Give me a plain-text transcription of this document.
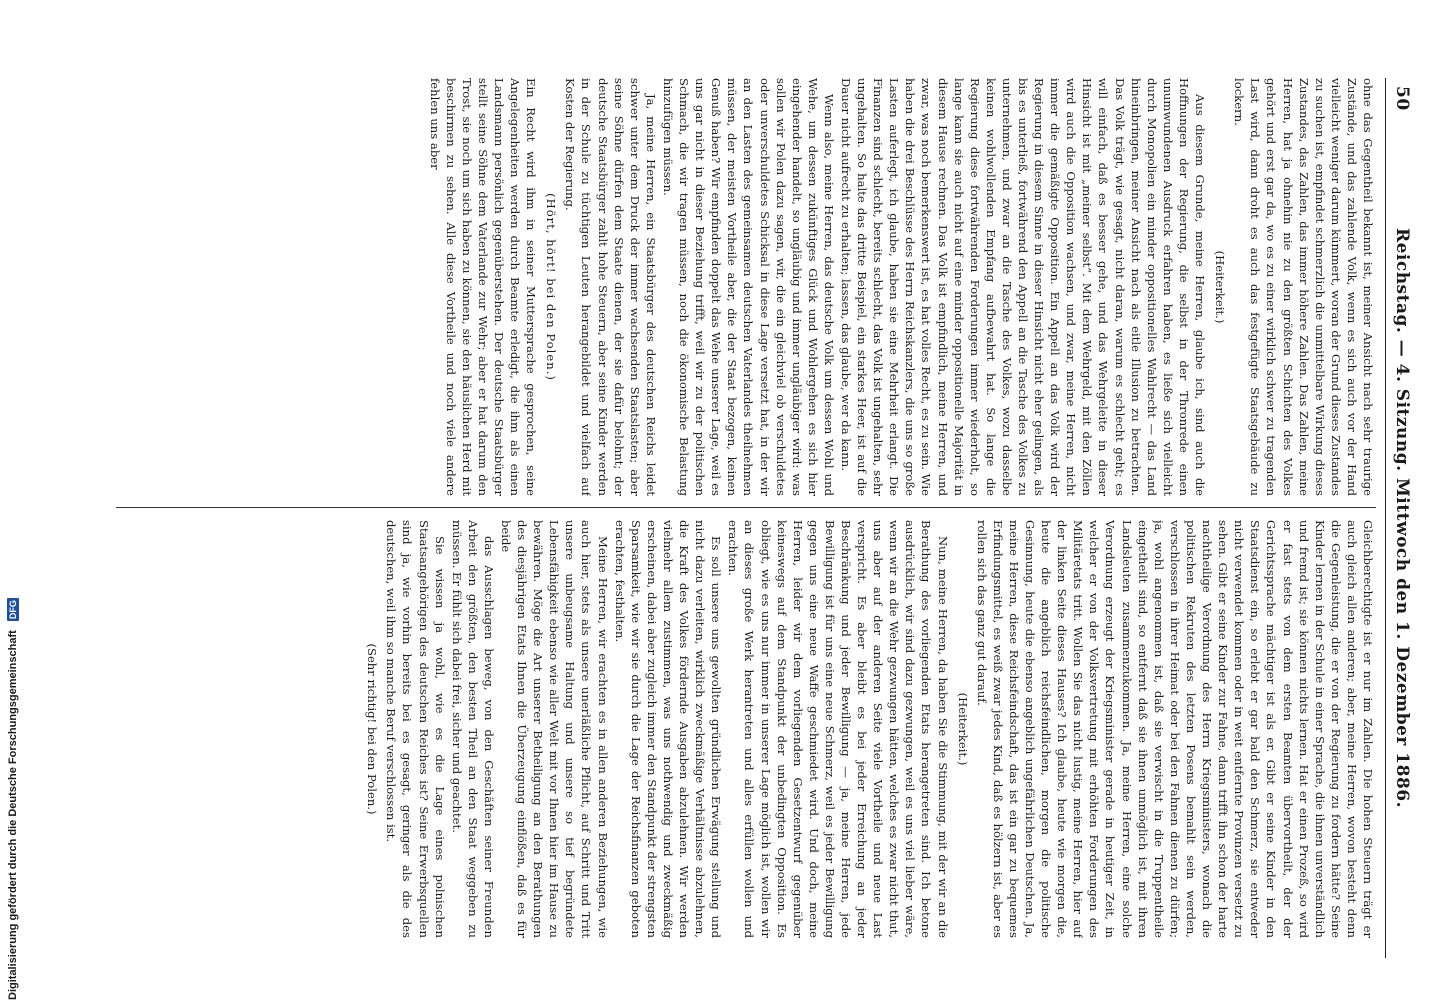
50
Reichstag. — 4. Sitzung. Mittwoch den 1. Dezember 1886.

ohne das Gegentheil bekannt ist, meiner Ansicht nach sehr traurige Zustände, und das zahlende Volk, wenn es sich auch vor der Hand vielleicht weniger darum kümmert, woran der Grund dieses Zustandes zu suchen ist, empfindet schmerzlich die unmittelbare Wirkung dieses Zustandes, das Zahlen, das immer höhere Zahlen. Das Zahlen, meine Herren, hat ja ohnehin nie zu den größten Schichten des Volkes gehört und erst gar da, wo es zu einer wirklich schwer zu tragenden Last wird, dann droht es auch das festgefügte Staatsgebäude zu lockern.

(Heiterkeit.)

Aus diesem Grunde, meine Herren, glaube ich, sind auch die Hoffnungen der Regierung, die selbst in der Thronrede einen unumwundenen Ausdruck erfahren haben, es ließe sich vielleicht durch Monopolien ein minder oppositionelles Wahlrecht — das Land hineinbringen, meiner Ansicht nach als eitle Illusion zu betrachten. Das Volk trägt, wie gesagt, nicht daran, warum es schlecht geht; es will einfach, daß es besser gehe, und das Wehrgeleite in dieser Hinsicht ist mit „meiner selbst“. Mit dem Wehrgeld, mit den Zöllen wird auch die Opposition wachsen, und zwar, meine Herren, nicht immer die gemäßigte Opposition. Ein Appell an das Volk wird der Regierung in diesem Sinne in dieser Hinsicht nicht eher gelingen, als bis es unterließ, fortwährend den Appell an die Tasche des Volkes zu unternehmen, und zwar an die Tasche des Volkes, wozu dasselbe keinen wohlwollenden Empfang aufbewahrt hat. So lange die Regierung diese fortwährenden Forderungen immer wiederholt, so lange kann sie auch nicht auf eine minder oppositionelle Majorität in diesem Hause rechnen. Das Volk ist empfindlich, meine Herren, und zwar, was noch bemerkenswert ist, es hat volles Recht, es zu sein. Wie haben die drei Beschlüsse des Herrn Reichskanzlers, die uns so große Lasten auferlegt, ich glaube, haben sie eine Mehrheit erlangt. Die Finanzen sind schlecht, bereits schlecht, das Volk ist ungehalten, sehr ungehalten. So halte das dritte Beispiel, ein starkes Heer, ist auf die Dauer nicht aufrecht zu erhalten; lassen, das glaube, wer da kann.

Wenn also, meine Herren, das deutsche Volk um dessen Wohl und Wehe, um dessen zukünftiges Glück und Wohlergehen es sich hier eingehender handelt, so ungläubig und immer ungläubiger wird: was sollen wir Polen dazu sagen, wir, die ein gleichviel ob verschuldetes oder unverschuldetes Schicksal in diese Lage versetzt hat, in der wir an den Lasten des gemeinsamen deutschen Vaterlandes theilnehmen müssen, der meisten Vortheile aber, die der Staat bezogen, keinen Genuß haben? Wir empfinden doppelt das Wehe unserer Lage, weil es uns gar nicht in dieser Beziehung trifft, weil wir zu der politischen Schmach, die wir tragen müssen, noch die ökonomische Belastung hinzufügen müssen.

Ja, meine Herren, ein Staatsbürger des deutschen Reichs leidet schwer unter dem Druck der immer wachsenden Staatslasten; aber seine Söhne dürfen dem Staate dienen, der sie dafür belohnt; der deutsche Staatsbürger zahlt hohe Steuern, aber seine Kinder werden in der Schule zu tüchtigen Leuten herangebildet und vielfach auf Kosten der Regierung.

(Hört, hört! bei den Polen.)

Ein Recht wird ihm in seiner Muttersprache gesprochen, seine Angelegenheiten werden durch Beamte erledigt, die ihm als einen Landsmann persönlich gegenüberstehen. Der deutsche Staatsbürger stellt seine Söhne dem Vaterlande zur Wehr; aber er hat darum den Trost, sie noch um sich haben zu können, sie den häuslichen Herd mit beschirmen zu sehen. Alle diese Vortheile und noch viele andere fehlen uns aber

Gleichberechtigte ist er nur im Zahlen. Die hohen Steuern trägt er auch gleich allen anderen; aber, meine Herren, wovon besteht denn die Gegenleistung, die er von der Regierung zu fordern hätte? Seine Kinder lernen in der Schule in einer Sprache, die ihnen unverständlich und fremd ist; sie können nichts lernen. Hat er einen Prozeß, so wird er fast stets von dem ersten Beamten übervortheilt, der der Gerichtssprache mächtiger ist als er. Gibt er seine Kinder in den Staatsdienst ein, so erlebt er gar bald den Schmerz, sie entweder nicht verwendet kommen oder in weit entfernte Provinzen versetzt zu sehen. Gibt er seine Kinder zur Fahne, dann trifft ihn schon der harte nachtheilige Verordnung des Herrn Kriegsministers, wonach die politischen Rekruten des letzten Posens bemahlt sein werden, verschlossen in ihrer Heimat oder bei den Fahnen dienen zu dürfen; ja, wohl angenommen ist, daß sie verwischt in die Truppentheile eingetheilt sind, so entfernt daß sie ihnen unmöglich ist, mit ihren Landsleuten zusammenzukommen. Ja, meine Herren, eine solche Verordnung erzeugt der Kriegsminister gerade in heutiger Zeit, in welcher er von der Volksvertretung mit erhöhten Forderungen des Militäretats tritt. Wollen Sie das nicht lustig, meine Herren, hier auf der linken Seite dieses Hauses? Ich glaube, heute wie morgen die, heute die angeblich reichsfeindlichen, morgen die politische Gesinnung, heute die ebenso angeblich ungefährlichen Deutschen. Ja, meine Herren, diese Reichsfeindschaft, das ist ein gar zu bequemes Erfindungsmittel, es weiß zwar jedes Kind, daß es hölzern ist, aber es rollen sich das ganz gut darauf.

(Heiterkeit.)

Nun, meine Herren, da haben Sie die Stimmung, mit der wir an die Berathung des vorliegenden Etats herangetreten sind. Ich betone ausdrücklich, wir sind dazu gezwungen, weil es uns viel lieber wäre, wenn wir an die Wehr gezwungen hätten, welches es zwar nicht thut, uns aber auf der anderen Seite viele Vortheile und neue Last verspricht. Es aber bleibt es bei jeder Erreichung an jeder Beschränkung und jeder Bewilligung — ja, meine Herren, jede Bewilligung ist für uns eine neue Schmerz, weil es jeder Bewilligung gegen uns eine neue Waffe geschmiedet wird. Und doch, meine Herren, leider wir dem vorliegenden Gesetzentwurf gegenüber keineswegs auf dem Standpunkt der unbedingten Opposition. Es obliegt, wie es uns nur immer in unserer Lage möglich ist, wollen wir an dieses große Werk herantreten und alles erfüllen wollen und erachten.

Es soll unsere uns gewollten gründlichen Erwägung stellung und nicht dazu verleiten, wirklich zweckmäßige Verhältnisse abzulehnen, die Kraft des Volkes fördernde Ausgaben abzulehnen. Wir werden vielmehr allem zustimmen, was uns nothwendig und zweckmäßig erscheinen, dabei aber zugleich immer den Standpunkt der strengsten Sparsamkeit, wie wir sie durch die Lage der Reichsfinanzen geboten erachten, festhalten.

Meine Herren, wir erachten es in allen anderen Beziehungen, wie auch hier, stets als unsere unerläßliche Pflicht, auf Schritt und Tritt unsere unbeugsame Haltung und unsere so tief begründete Lebensfähigkeit ebenso wie aller Welt mit vor Ihnen hier im Hause zu bewähren. Möge die Art unserer Betheiligung an den Berathungen des diesjährigen Etats Ihnen die Überzeugung einflößen, daß es für beide

das Ausschlagen beweg, von den Geschäften seiner Freunden Arbeit den größten, den besten Theil an den Staat weggeben zu müssen. Er fühlt sich dabei frei, sicher und geachtet.

Sie wissen ja wohl, wie es die Lage eines polnischen Staatsangehörigen des deutschen Reiches ist? Seine Erwerbsquellen sind ja, wie vorhin bereits bei es gesagt, geringer als die des deutschen, weil ihm so manche Beruf verschlossen ist.

(Sehr richtig! bei den Polen.)

Digitalisierung gefördert durch die Deutsche Forschungsgemeinschaft DFG
